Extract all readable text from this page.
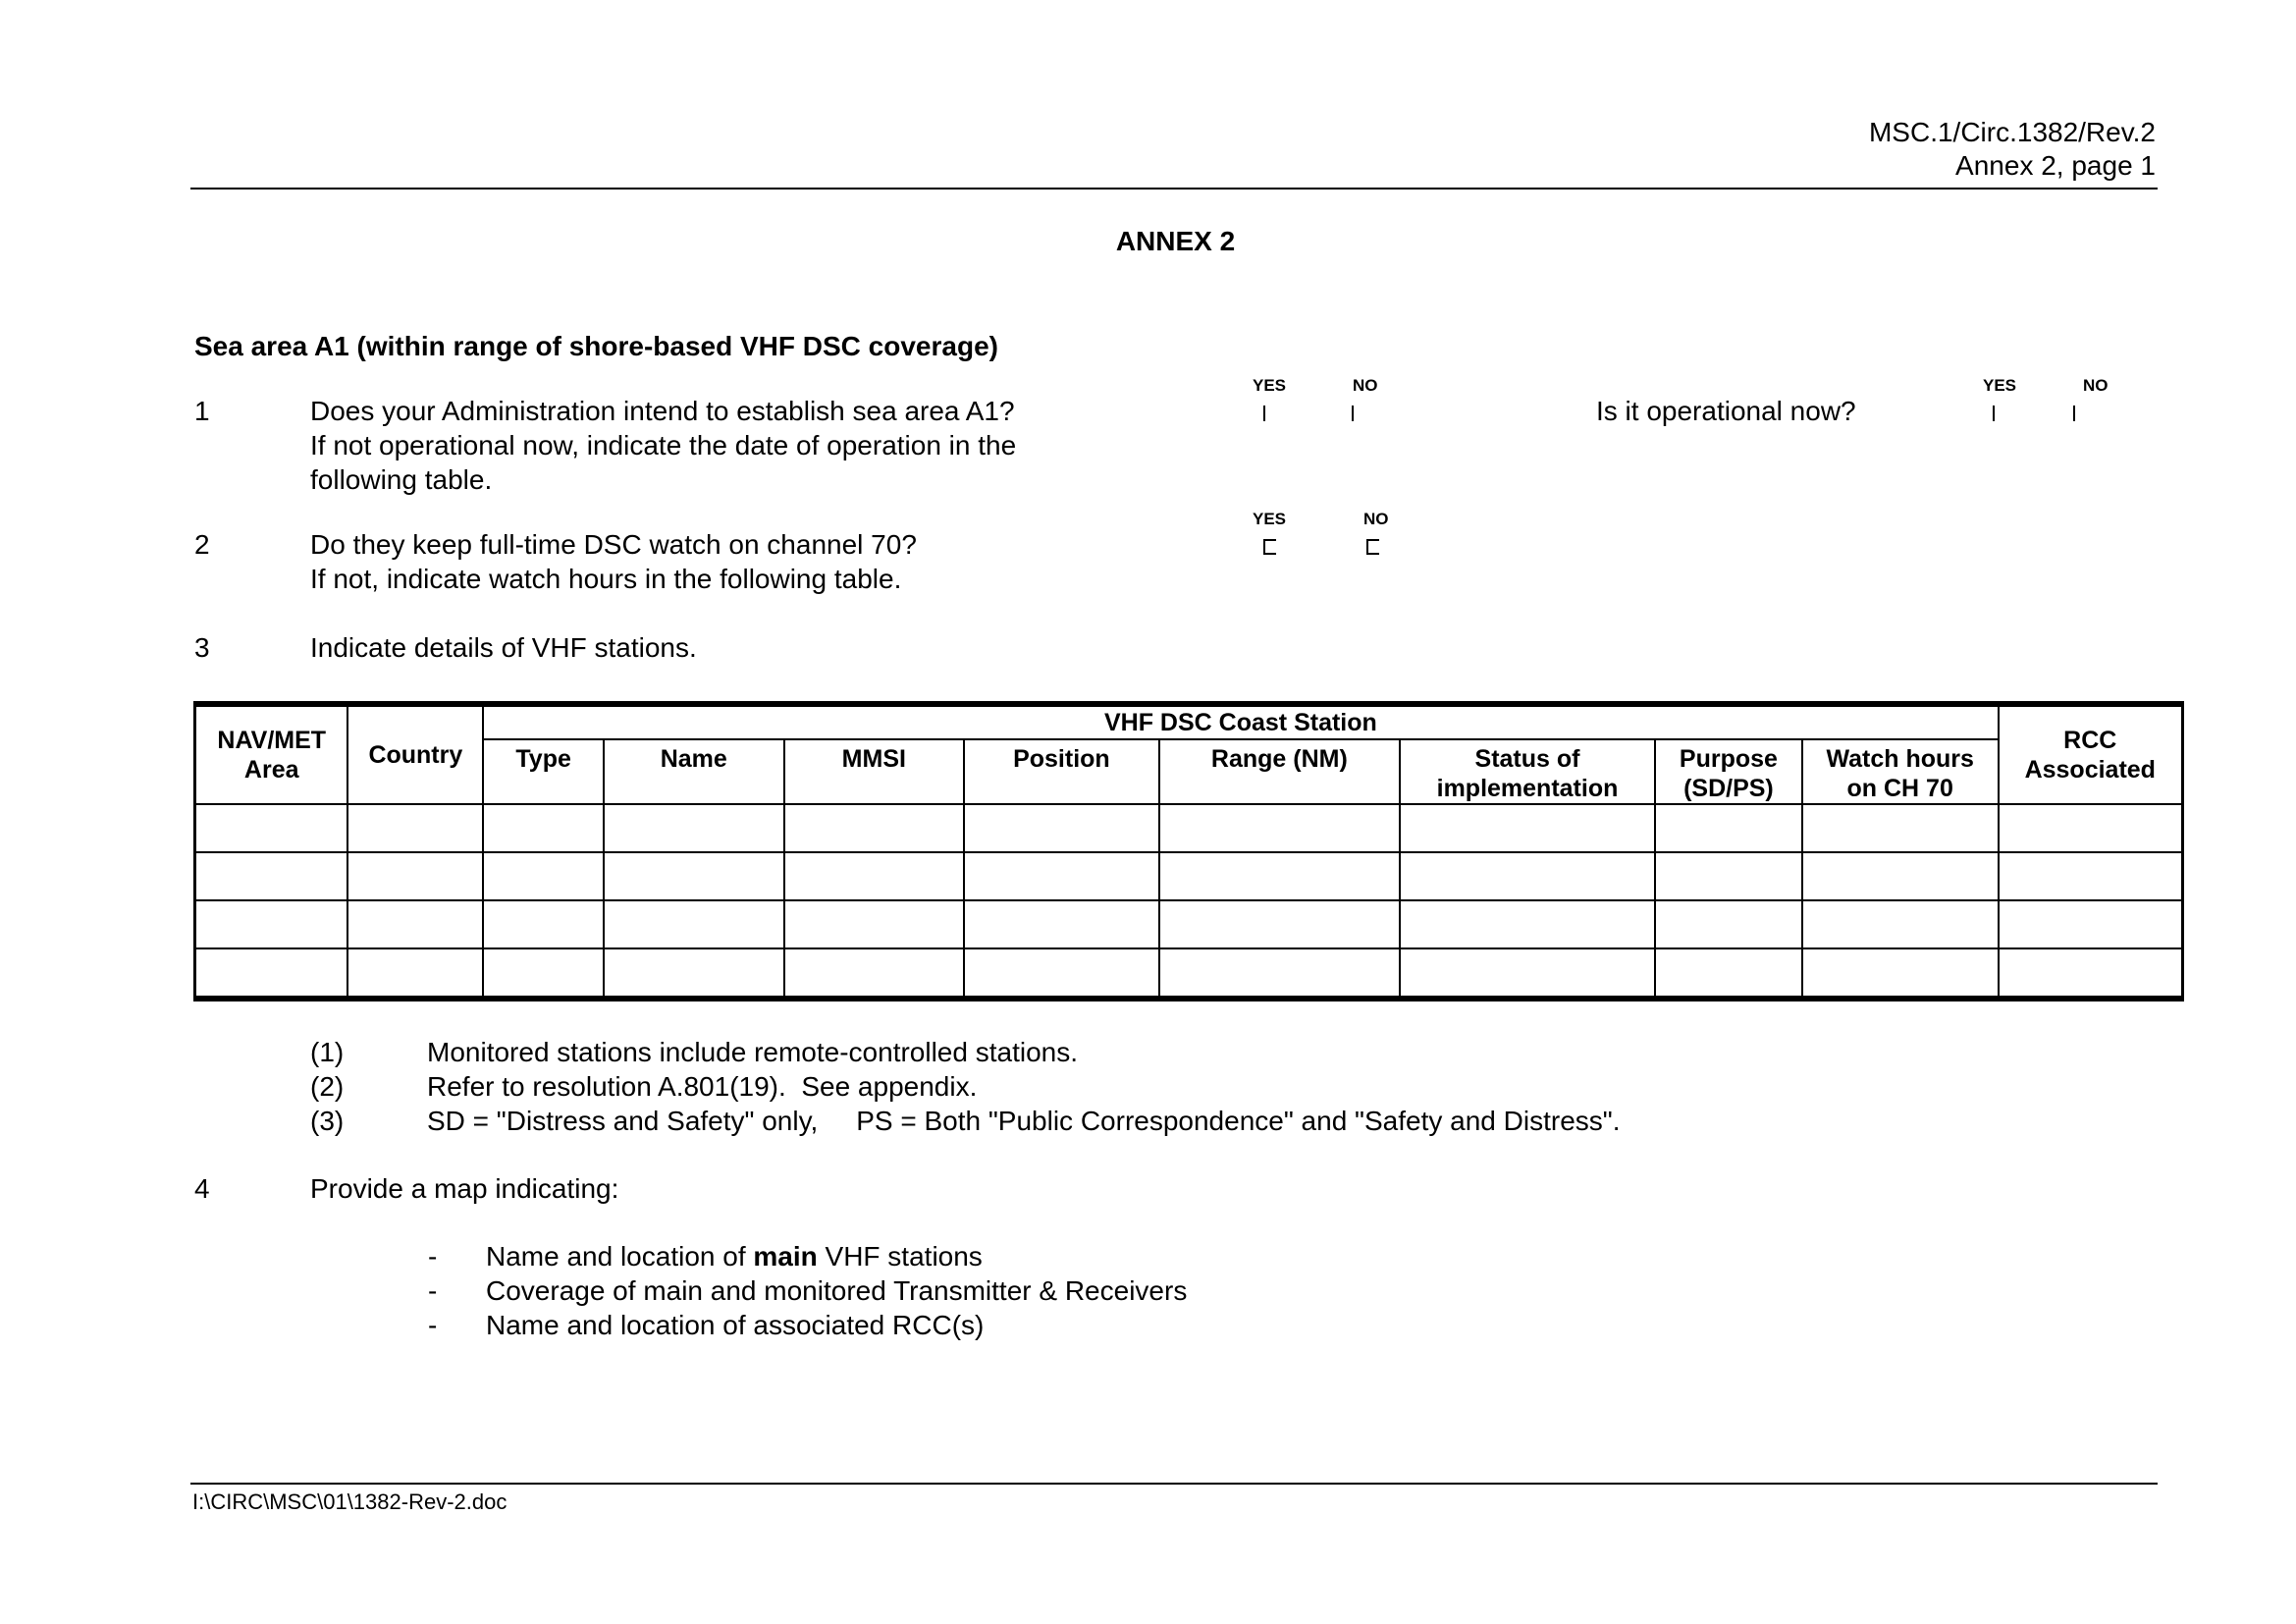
MSC.1/Circ.1382/Rev.2
Annex 2, page 1
ANNEX 2
Sea area A1 (within range of shore-based VHF DSC coverage)
YES	NO	YES	NO
1	Does your Administration intend to establish sea area A1?
If not operational now, indicate the date of operation in the
following table.
Is it operational now?
YES	NO
2	Do they keep full-time DSC watch on channel 70?
If not, indicate watch hours in the following table.
3	Indicate details of VHF stations.
NAV/MET Area	Country	VHF DSC Coast Station								RCC Associated
		Type	Name	MMSI	Position	Range (NM)	Status of implementation	Purpose (SD/PS)	Watch hours on CH 70	

(1)	Monitored stations include remote-controlled stations.
(2)	Refer to resolution A.801(19).  See appendix.
(3)	SD = "Distress and Safety" only,     PS = Both "Public Correspondence" and "Safety and Distress".
4	Provide a map indicating:
- Name and location of main VHF stations
- Coverage of main and monitored Transmitter & Receivers
- Name and location of associated RCC(s)
I:\CIRC\MSC\01\1382-Rev-2.doc
